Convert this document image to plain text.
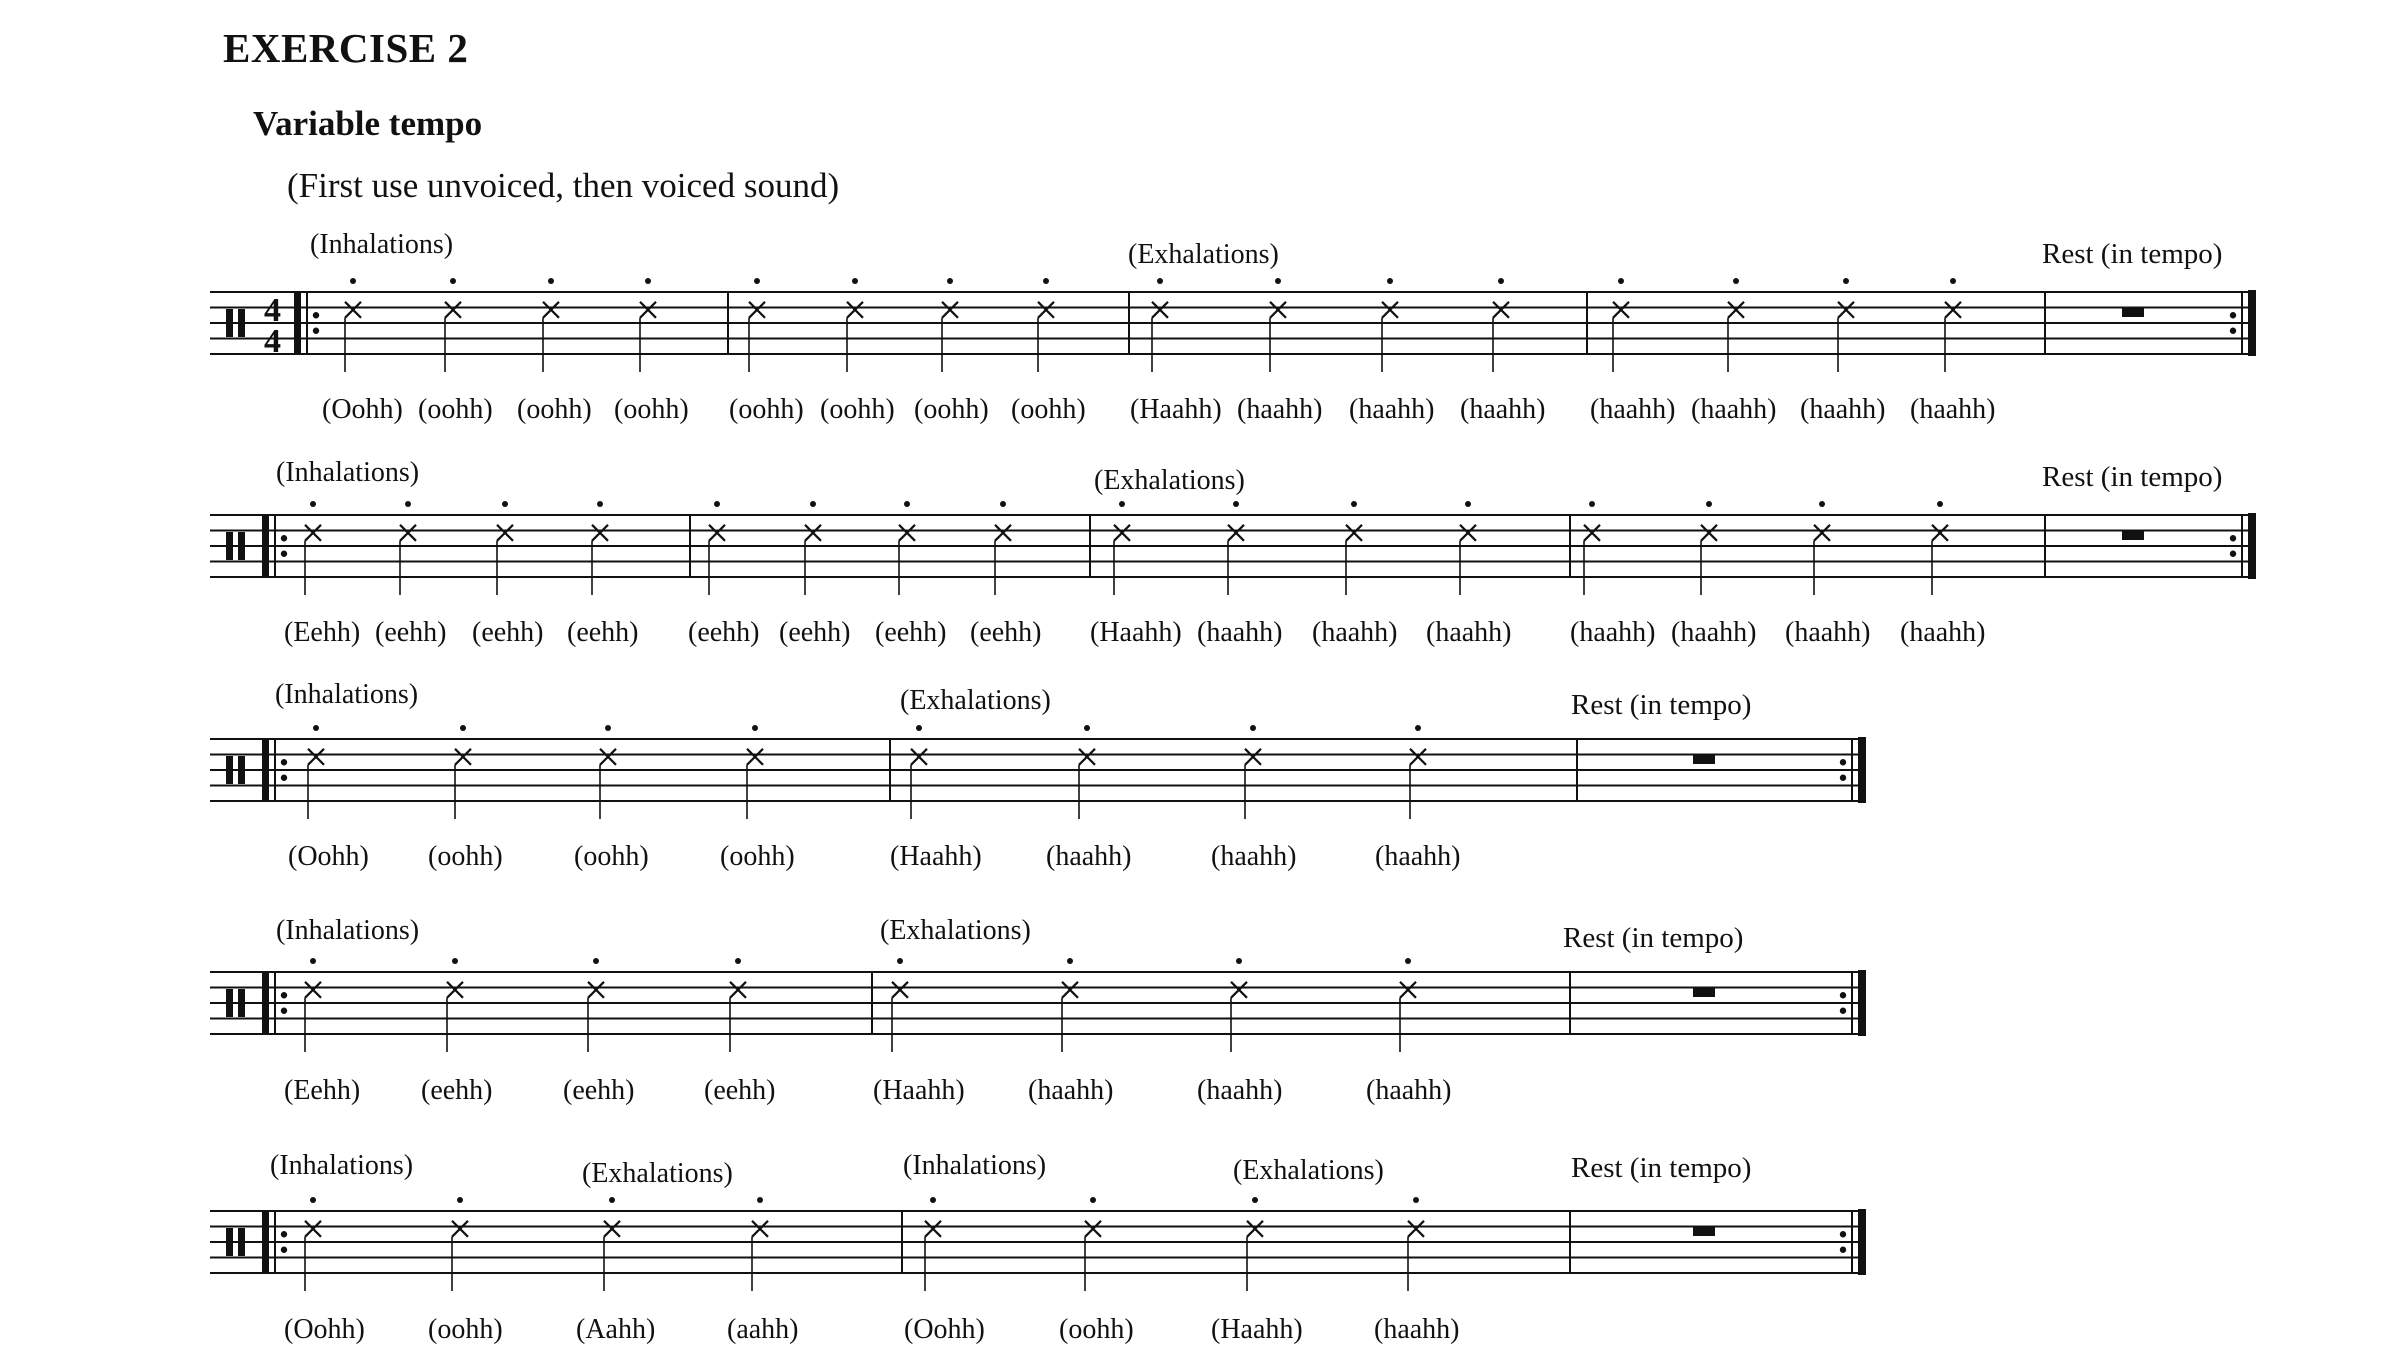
EXERCISE 2
Variable tempo
(First use unvoiced, then voiced sound)
4
4
(Oohh) (oohh) (oohh) (oohh)
(Inhalations)
(oohh) (oohh) (oohh) (oohh) (Haahh) (haahh) (haahh) (haahh)
(Exhalations)
(haahh) (haahh) (haahh) (haahh)
Rest (in tempo)
(Eehh) (eehh) (eehh) (eehh)
(Inhalations)
(eehh) (eehh) (eehh) (eehh) (Haahh) (haahh) (haahh) (haahh)
(Exhalations)
(haahh) (haahh) (haahh) (haahh)
Rest (in tempo)
(Oohh) (oohh)	(oohh)	(oohh)
(Inhalations)
(Haahh) (haahh)	(haahh)	(haahh)
(Exhalations)	Rest (in tempo)
(Eehh) (eehh)	(eehh) (eehh)
(Inhalations)
(Haahh) (haahh)	(haahh)	(haahh)
(Exhalations)	Rest (in tempo)
(Oohh) (oohh)	(Aahh)	(aahh)
(Inhalations)	(Exhalations)
(Oohh)	(oohh)	(Haahh)	(haahh)
(Inhalations)	(Exhalations)	Rest (in tempo)
